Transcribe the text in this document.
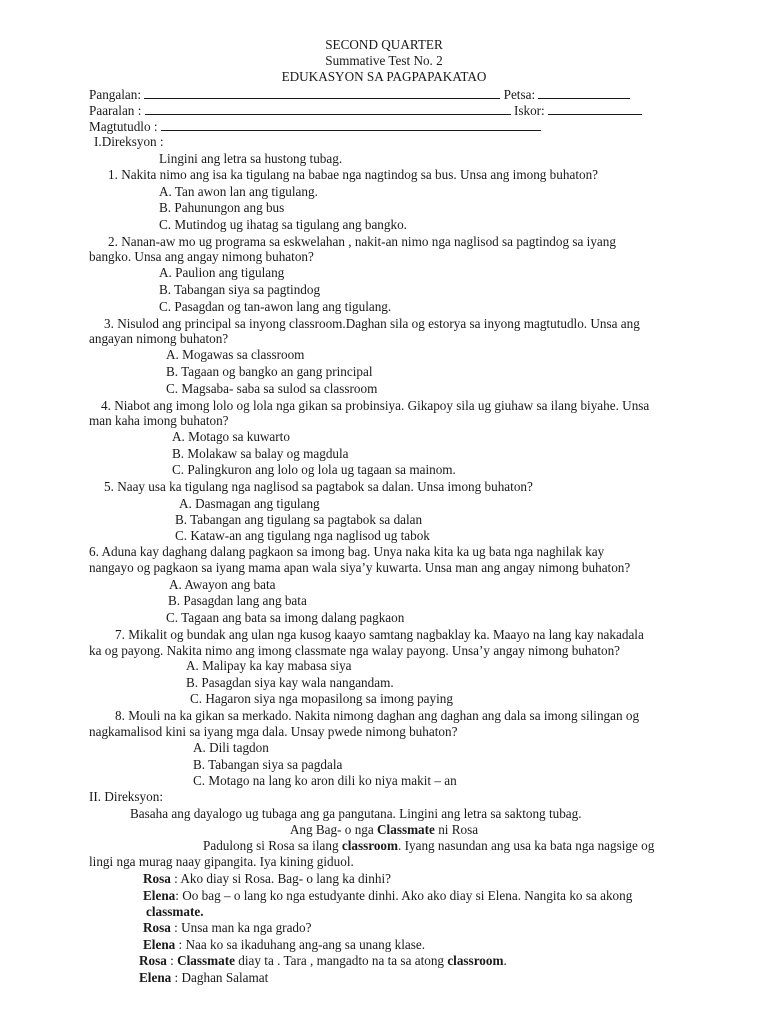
SECOND QUARTER
Summative Test No. 2
EDUKASYON SA PAGPAPAKATAO
Pangalan:	Petsa:
Paaralan :	Iskor:
Magtutudlo :
I.Direksyon :
Lingini ang letra sa hustong tubag.
1. Nakita nimo ang isa ka tigulang na babae nga nagtindog sa bus. Unsa ang imong buhaton?
A. Tan awon lan ang tigulang.
B. Pahunungon ang bus
C. Mutindog ug ihatag sa tigulang ang bangko.
2. Nanan-aw mo ug programa sa eskwelahan , nakit-an nimo nga naglisod sa pagtindog sa iyang
bangko. Unsa ang angay nimong buhaton?
A. Paulion ang tigulang
B. Tabangan siya sa pagtindog
C. Pasagdan og tan-awon lang ang tigulang.
3. Nisulod ang principal sa inyong classroom.Daghan sila og estorya sa inyong magtutudlo. Unsa ang
angayan nimong buhaton?
A. Mogawas sa classroom
B. Tagaan og bangko an gang principal
C. Magsaba- saba sa sulod sa classroom
4. Niabot ang imong lolo og lola nga gikan sa probinsiya. Gikapoy sila ug giuhaw sa ilang biyahe. Unsa
man kaha imong buhaton?
A. Motago sa kuwarto
B. Molakaw sa balay og magdula
C. Palingkuron ang lolo og lola ug tagaan sa mainom.
5. Naay usa ka tigulang nga naglisod sa pagtabok sa dalan. Unsa imong buhaton?
A. Dasmagan ang tigulang
B. Tabangan ang tigulang sa pagtabok sa dalan
C. Kataw-an ang tigulang nga naglisod ug tabok
6. Aduna kay daghang dalang pagkaon sa imong bag. Unya naka kita ka ug bata nga naghilak kay
nangayo og pagkaon sa iyang mama apan wala siya’y kuwarta. Unsa man ang angay nimong buhaton?
A. Awayon ang bata
B. Pasagdan lang ang bata
C. Tagaan ang bata sa imong dalang pagkaon
7. Mikalit og bundak ang ulan nga kusog kaayo samtang nagbaklay ka. Maayo na lang kay nakadala
ka og payong. Nakita nimo ang imong classmate nga walay payong. Unsa’y angay nimong buhaton?
A. Malipay ka kay mabasa siya
B. Pasagdan siya kay wala nangandam.
C. Hagaron siya nga mopasilong sa imong paying
8. Mouli na ka gikan sa merkado. Nakita nimong daghan ang daghan ang dala sa imong silingan og
nagkamalisod kini sa iyang mga dala. Unsay pwede nimong buhaton?
A. Dili tagdon
B. Tabangan siya sa pagdala
C. Motago na lang ko aron dili ko niya makit – an
II. Direksyon:
Basaha ang dayalogo ug tubaga ang ga pangutana. Lingini ang letra sa saktong tubag.
Ang Bag- o nga Classmate ni Rosa
Padulong si Rosa sa ilang classroom. Iyang nasundan ang usa ka bata nga nagsige og
lingi nga murag naay gipangita. Iya kining giduol.
Rosa : Ako diay si Rosa. Bag- o lang ka dinhi?
Elena: Oo bag – o lang ko nga estudyante dinhi. Ako ako diay si Elena. Nangita ko sa akong
classmate.
Rosa : Unsa man ka nga grado?
Elena : Naa ko sa ikaduhang ang-ang sa unang klase.
Rosa : Classmate diay ta . Tara , mangadto na ta sa atong classroom.
Elena : Daghan Salamat
